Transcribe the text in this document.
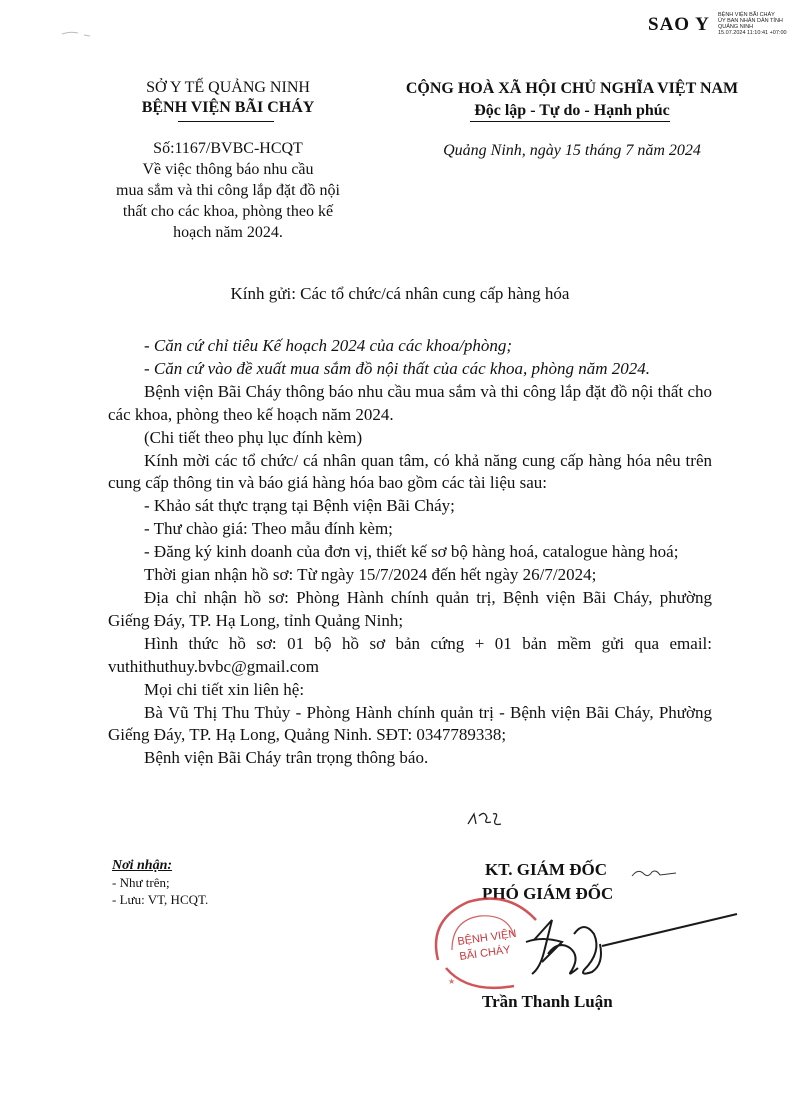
SAO Y BỆNH VIỆN BÃI CHÁY
ỦY BAN NHÂN DÂN TỈNH
QUẢNG NINH
15.07.2024 11:10:41 +07:00
SỞ Y TẾ QUẢNG NINH
BỆNH VIỆN BÃI CHÁY
Số:1167/BVBC-HCQT
Về việc thông báo nhu cầu
mua sắm và thi công lắp đặt đồ nội
thất cho các khoa, phòng theo kế
hoạch năm 2024.
CỘNG HOÀ XÃ HỘI CHỦ NGHĨA VIỆT NAM
Độc lập - Tự do - Hạnh phúc
Quảng Ninh, ngày 15 tháng 7 năm 2024
Kính gửi: Các tổ chức/cá nhân cung cấp hàng hóa

- Căn cứ chỉ tiêu Kế hoạch 2024 của các khoa/phòng;

- Căn cứ vào đề xuất mua sắm đồ nội thất của các khoa, phòng năm 2024.

Bệnh viện Bãi Cháy thông báo nhu cầu mua sắm và thi công lắp đặt đồ nội thất cho các khoa, phòng theo kế hoạch năm 2024.

(Chi tiết theo phụ lục đính kèm)

Kính mời các tổ chức/ cá nhân quan tâm, có khả năng cung cấp hàng hóa nêu trên cung cấp thông tin và báo giá hàng hóa bao gồm các tài liệu sau:

- Khảo sát thực trạng tại Bệnh viện Bãi Cháy;

- Thư chào giá: Theo mẫu đính kèm;

- Đăng ký kinh doanh của đơn vị, thiết kế sơ bộ hàng hoá, catalogue hàng hoá;

Thời gian nhận hồ sơ: Từ ngày 15/7/2024 đến hết ngày 26/7/2024;

Địa chỉ nhận hồ sơ: Phòng Hành chính quản trị, Bệnh viện Bãi Cháy, phường Giếng Đáy, TP. Hạ Long, tỉnh Quảng Ninh;

Hình thức hồ sơ: 01 bộ hồ sơ bản cứng + 01 bản mềm gửi qua email:

vuthithuthuy.bvbc@gmail.com

Mọi chi tiết xin liên hệ:

Bà Vũ Thị Thu Thủy - Phòng Hành chính quản trị - Bệnh viện Bãi Cháy, Phường Giếng Đáy, TP. Hạ Long, Quảng Ninh. SĐT: 0347789338;

Bệnh viện Bãi Cháy trân trọng thông báo.

Nơi nhận:
- Như trên;
- Lưu: VT, HCQT.
KT. GIÁM ĐỐC
PHÓ GIÁM ĐỐC
BỆNH VIỆN
BÃI CHÁY
★
Trần Thanh Luận
